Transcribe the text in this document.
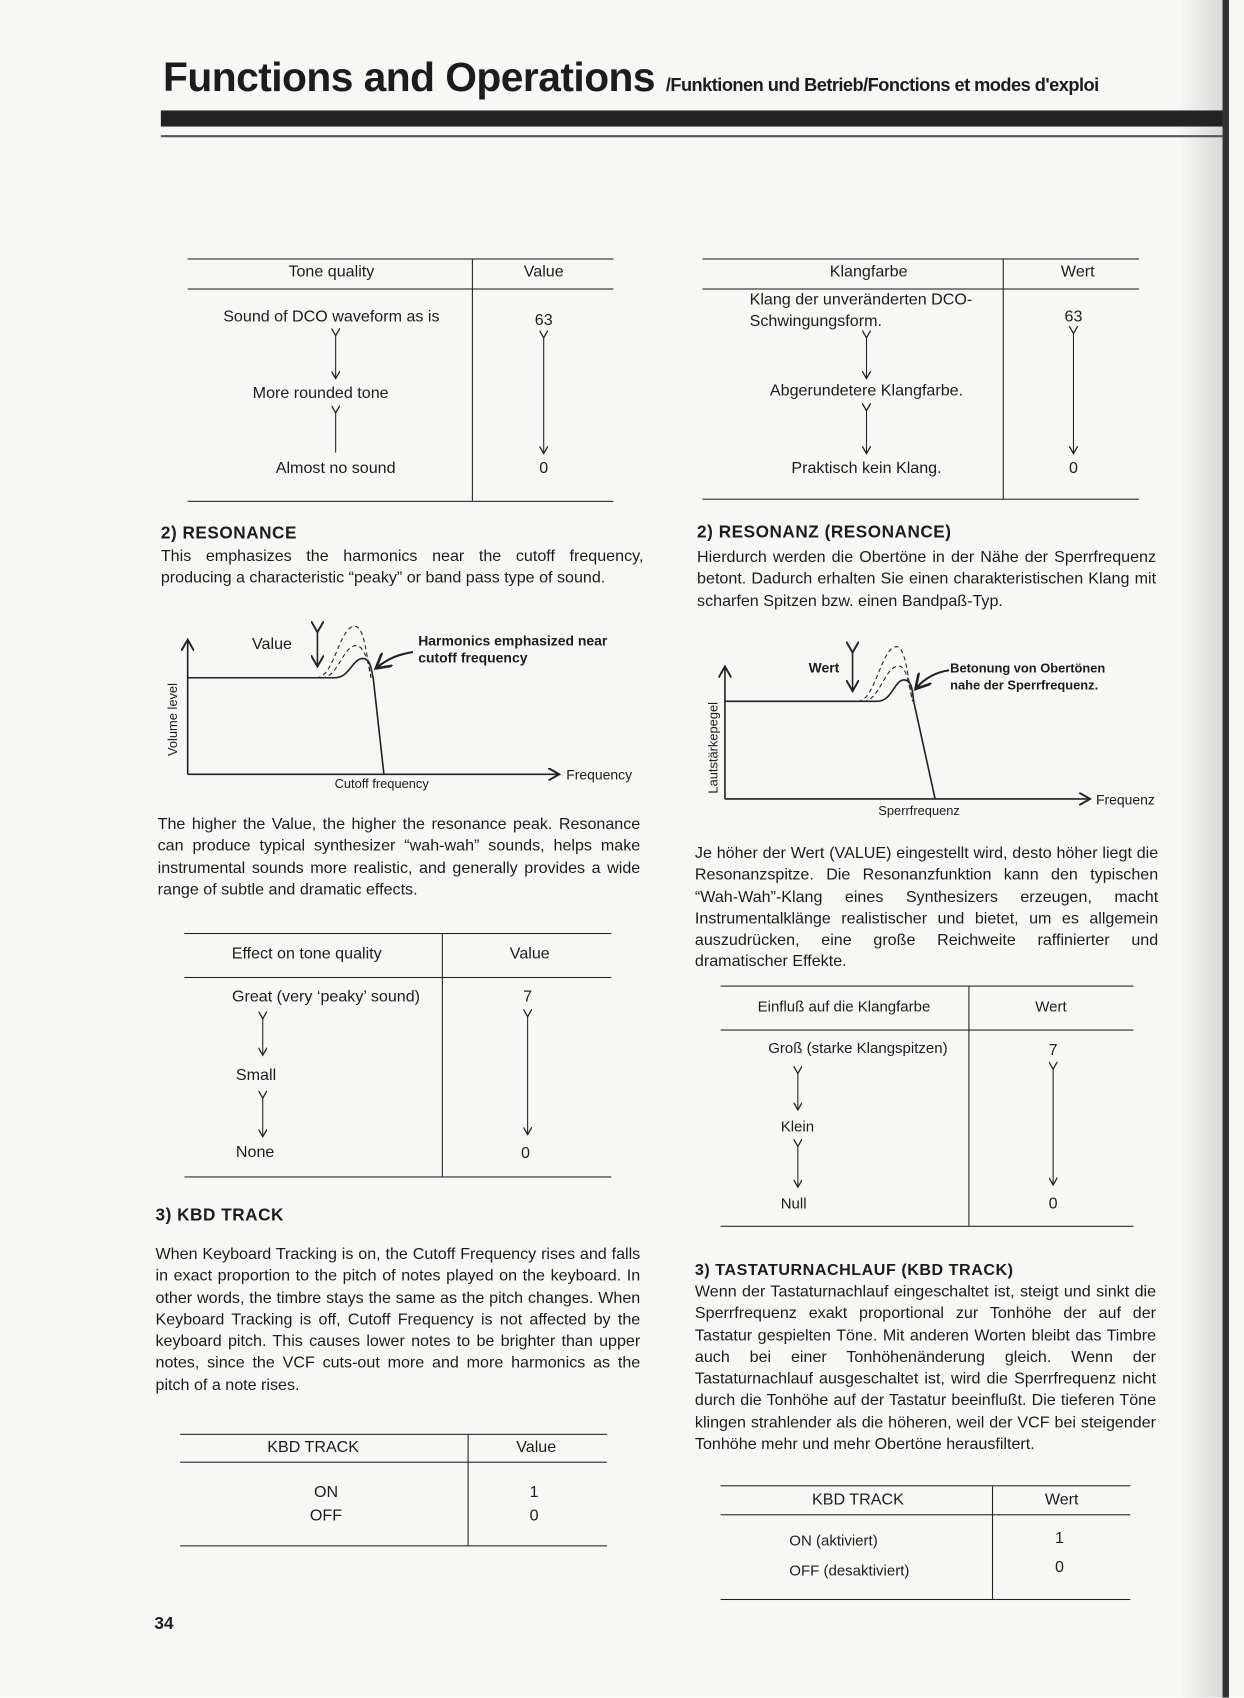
Functions and Operations /Funktionen und Betrieb/Fonctions et modes d'exploi
Tone quality	Value
Sound of DCO waveform as is	63
More rounded tone
Almost no sound	0
Klangfarbe	Wert
Klang der unveränderten DCO-
Schwingungsform.	63
Abgerundetere Klangfarbe.
Praktisch kein Klang.	0
2) RESONANCE
This emphasizes the harmonics near the cutoff frequency, producing a characteristic “peaky” or band pass type of sound.
Value	Harmonics emphasized near
cutoff frequency
Volume level
Frequency
Cutoff frequency
The higher the Value, the higher the resonance peak. Resonance can produce typical synthesizer “wah-wah” sounds, helps make instrumental sounds more realistic, and generally provides a wide range of subtle and dramatic effects.
Effect on tone quality	Value
Great (very ‘peaky’ sound)	7
Small
None	0
3) KBD TRACK
When Keyboard Tracking is on, the Cutoff Frequency rises and falls in exact proportion to the pitch of notes played on the keyboard. In other words, the timbre stays the same as the pitch changes. When Keyboard Tracking is off, Cutoff Frequency is not affected by the keyboard pitch. This causes lower notes to be brighter than upper notes, since the VCF cuts-out more and more harmonics as the pitch of a note rises.
KBD TRACK	Value
ON	1
OFF	0
34
2) RESONANZ (RESONANCE)
Hierdurch werden die Obertöne in der Nähe der Sperrfrequenz betont. Dadurch erhalten Sie einen charakteristischen Klang mit scharfen Spitzen bzw. einen Bandpaß-Typ.
Wert	Betonung von Obertönen
nahe der Sperrfrequenz.
Lautstärkepegel
Frequenz
Sperrfrequenz
Je höher der Wert (VALUE) eingestellt wird, desto höher liegt die Resonanzspitze. Die Resonanzfunktion kann den typischen “Wah-Wah”-Klang eines Synthesizers erzeugen, macht Instrumentalklänge realistischer und bietet, um es allgemein auszudrücken, eine große Reichweite raffinierter und dramatischer Effekte.
Einfluß auf die Klangfarbe	Wert
Groß (starke Klangspitzen)	7
Klein
Null	0
3) TASTATURNACHLAUF (KBD TRACK)
Wenn der Tastaturnachlauf eingeschaltet ist, steigt und sinkt die Sperrfrequenz exakt proportional zur Tonhöhe der auf der Tastatur gespielten Töne. Mit anderen Worten bleibt das Timbre auch bei einer Tonhöhenänderung gleich. Wenn der Tastaturnachlauf ausgeschaltet ist, wird die Sperrfrequenz nicht durch die Tonhöhe auf der Tastatur beeinflußt. Die tieferen Töne klingen strahlender als die höheren, weil der VCF bei steigender Tonhöhe mehr und mehr Obertöne herausfiltert.
KBD TRACK	Wert
ON (aktiviert)	1
OFF (desaktiviert)	0
